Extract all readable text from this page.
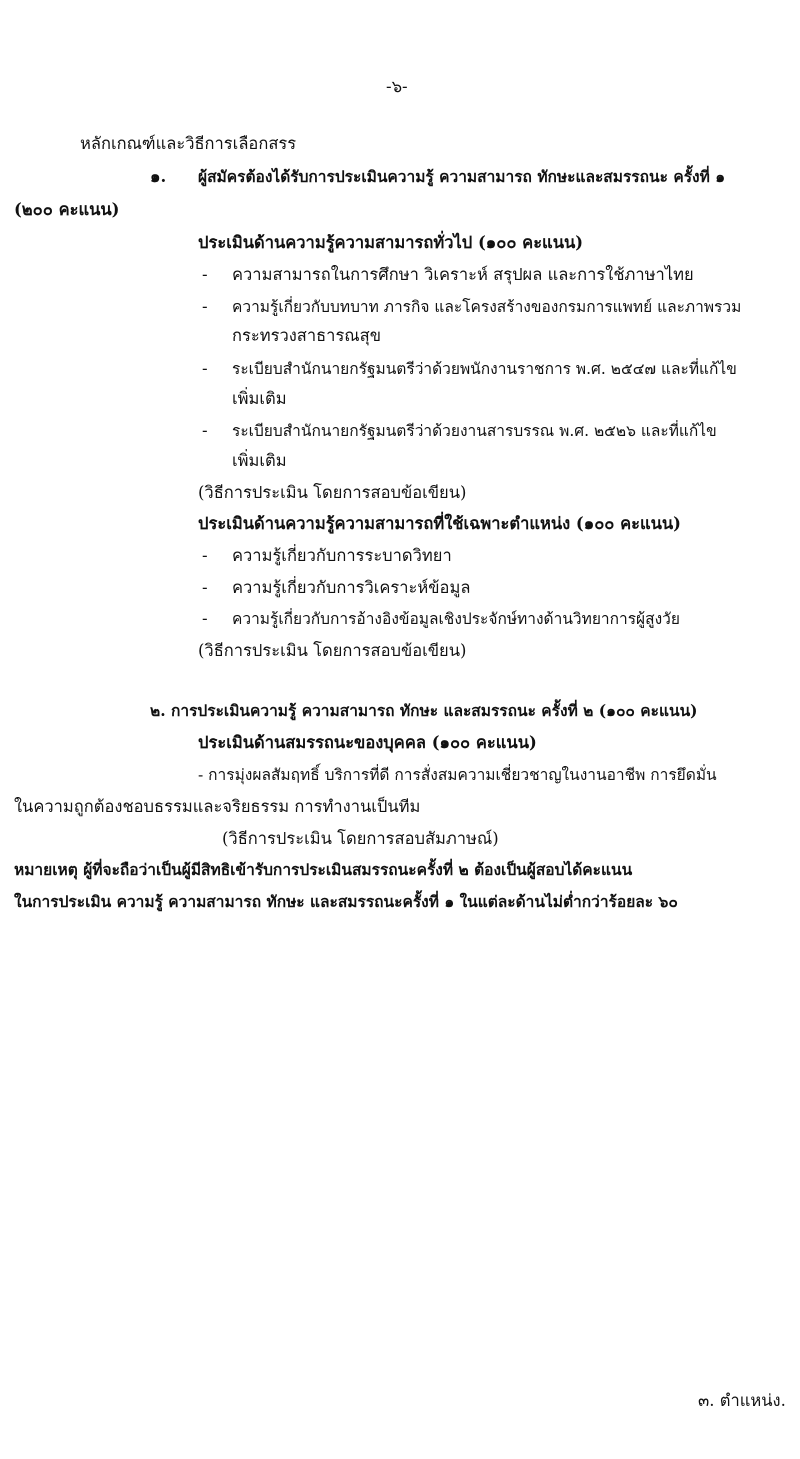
-๖-
หลักเกณฑ์และวิธีการเลือกสรร
๑. ผู้สมัครต้องได้รับการประเมินความรู้ ความสามารถ ทักษะและสมรรถนะ ครั้งที่ ๑
(๒๐๐ คะแนน)
ประเมินด้านความรู้ความสามารถทั่วไป (๑๐๐ คะแนน)
- ความสามารถในการศึกษา วิเคราะห์ สรุปผล และการใช้ภาษาไทย
- ความรู้เกี่ยวกับบทบาท ภารกิจ และโครงสร้างของกรมการแพทย์ และภาพรวม
กระทรวงสาธารณสุข
- ระเบียบสำนักนายกรัฐมนตรีว่าด้วยพนักงานราชการ พ.ศ. ๒๕๔๗ และที่แก้ไข
เพิ่มเติม
- ระเบียบสำนักนายกรัฐมนตรีว่าด้วยงานสารบรรณ พ.ศ. ๒๕๒๖ และที่แก้ไข
เพิ่มเติม
(วิธีการประเมิน โดยการสอบข้อเขียน)
ประเมินด้านความรู้ความสามารถที่ใช้เฉพาะตำแหน่ง (๑๐๐ คะแนน)
- ความรู้เกี่ยวกับการระบาดวิทยา
- ความรู้เกี่ยวกับการวิเคราะห์ข้อมูล
- ความรู้เกี่ยวกับการอ้างอิงข้อมูลเชิงประจักษ์ทางด้านวิทยาการผู้สูงวัย
(วิธีการประเมิน โดยการสอบข้อเขียน)
๒. การประเมินความรู้ ความสามารถ ทักษะ และสมรรถนะ ครั้งที่ ๒ (๑๐๐ คะแนน)
ประเมินด้านสมรรถนะของบุคคล (๑๐๐ คะแนน)
- การมุ่งผลสัมฤทธิ์ บริการที่ดี การสั่งสมความเชี่ยวชาญในงานอาชีพ การยึดมั่น
ในความถูกต้องชอบธรรมและจริยธรรม การทำงานเป็นทีม
(วิธีการประเมิน โดยการสอบสัมภาษณ์)
หมายเหตุ ผู้ที่จะถือว่าเป็นผู้มีสิทธิเข้ารับการประเมินสมรรถนะครั้งที่ ๒ ต้องเป็นผู้สอบได้คะแนน
ในการประเมิน ความรู้ ความสามารถ ทักษะ และสมรรถนะครั้งที่ ๑ ในแต่ละด้านไม่ต่ำกว่าร้อยละ ๖๐
๓. ตำแหน่ง.
